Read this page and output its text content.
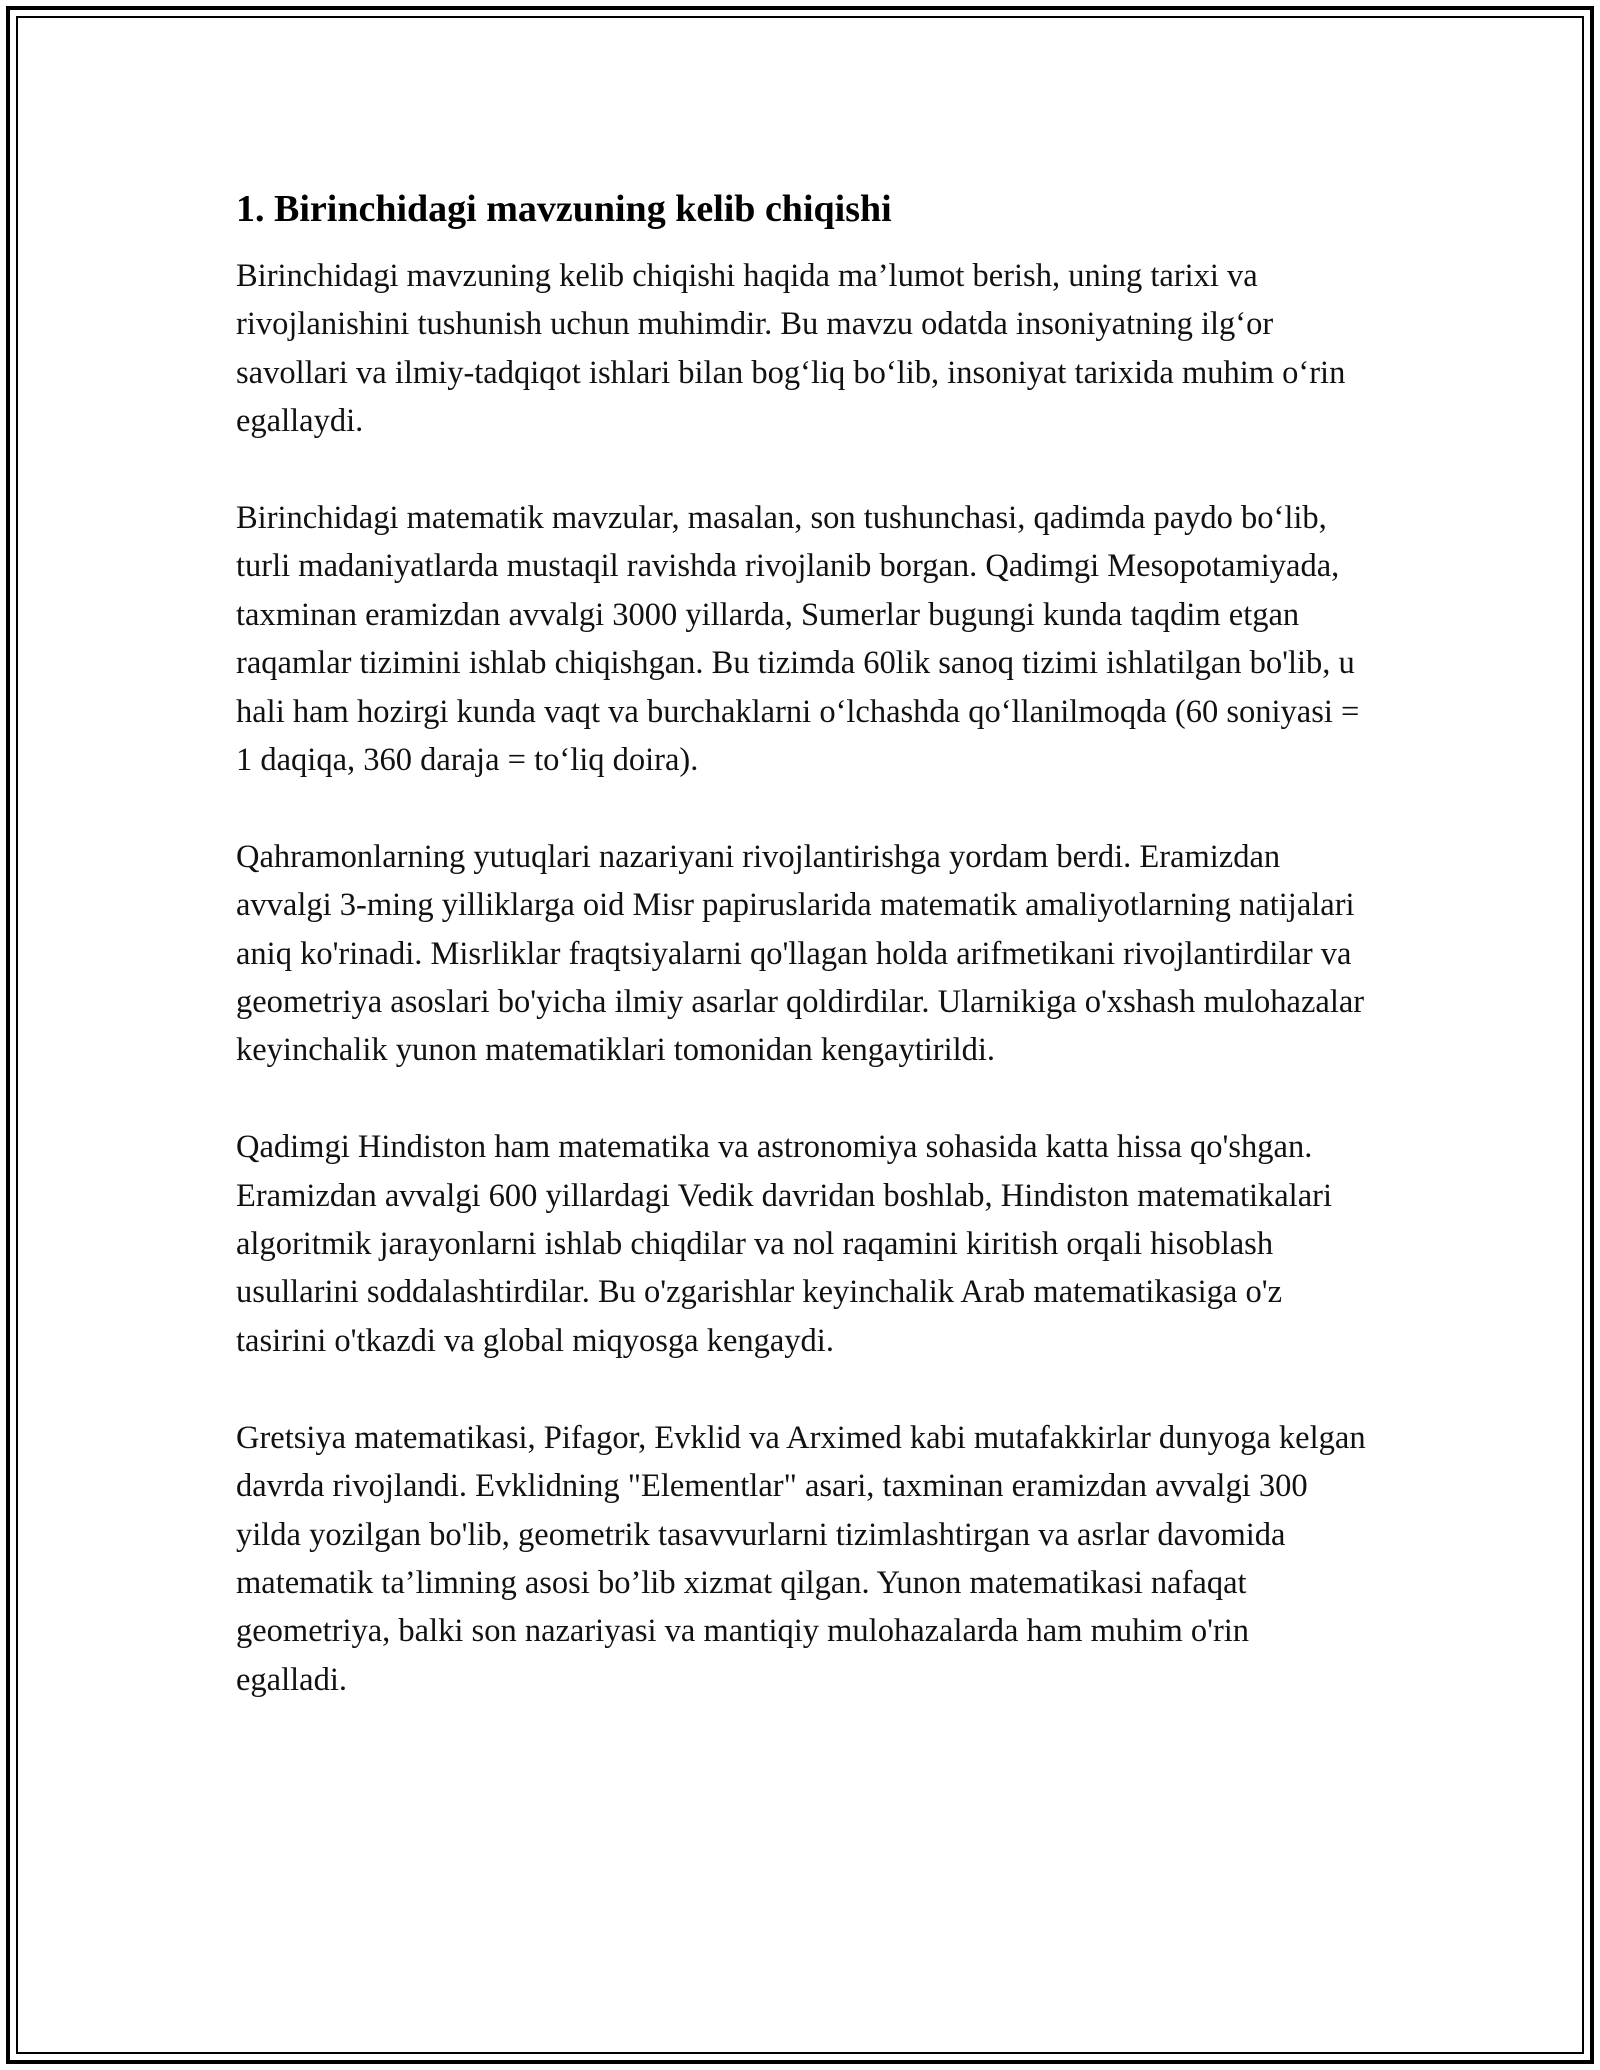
1. Birinchidagi mavzuning kelib chiqishi

Birinchidagi mavzuning kelib chiqishi haqida ma’lumot berish, uning tarixi va rivojlanishini tushunish uchun muhimdir. Bu mavzu odatda insoniyatning ilg‘or savollari va ilmiy-tadqiqot ishlari bilan bog‘liq bo‘lib, insoniyat tarixida muhim o‘rin egallaydi.

Birinchidagi matematik mavzular, masalan, son tushunchasi, qadimda paydo bo‘lib, turli madaniyatlarda mustaqil ravishda rivojlanib borgan. Qadimgi Mesopotamiyada, taxminan eramizdan avvalgi 3000 yillarda, Sumerlar bugungi kunda taqdim etgan raqamlar tizimini ishlab chiqishgan. Bu tizimda 60lik sanoq tizimi ishlatilgan bo'lib, u hali ham hozirgi kunda vaqt va burchaklarni o‘lchashda qo‘llanilmoqda (60 soniyasi = 1 daqiqa, 360 daraja = to‘liq doira).

Qahramonlarning yutuqlari nazariyani rivojlantirishga yordam berdi. Eramizdan avvalgi 3-ming yilliklarga oid Misr papiruslarida matematik amaliyotlarning natijalari aniq ko'rinadi. Misrliklar fraqtsiyalarni qo'llagan holda arifmetikani rivojlantirdilar va geometriya asoslari bo'yicha ilmiy asarlar qoldirdilar. Ularnikiga o'xshash mulohazalar keyinchalik yunon matematiklari tomonidan kengaytirildi.

Qadimgi Hindiston ham matematika va astronomiya sohasida katta hissa qo'shgan. Eramizdan avvalgi 600 yillardagi Vedik davridan boshlab, Hindiston matematikalari algoritmik jarayonlarni ishlab chiqdilar va nol raqamini kiritish orqali hisoblash usullarini soddalashtirdilar. Bu o'zgarishlar keyinchalik Arab matematikasiga o'z tasirini o'tkazdi va global miqyosga kengaydi.

Gretsiya matematikasi, Pifagor, Evklid va Arximed kabi mutafakkirlar dunyoga kelgan davrda rivojlandi. Evklidning "Elementlar" asari, taxminan eramizdan avvalgi 300 yilda yozilgan bo'lib, geometrik tasavvurlarni tizimlashtirgan va asrlar davomida matematik ta’limning asosi bo’lib xizmat qilgan. Yunon matematikasi nafaqat geometriya, balki son nazariyasi va mantiqiy mulohazalarda ham muhim o'rin egalladi.
